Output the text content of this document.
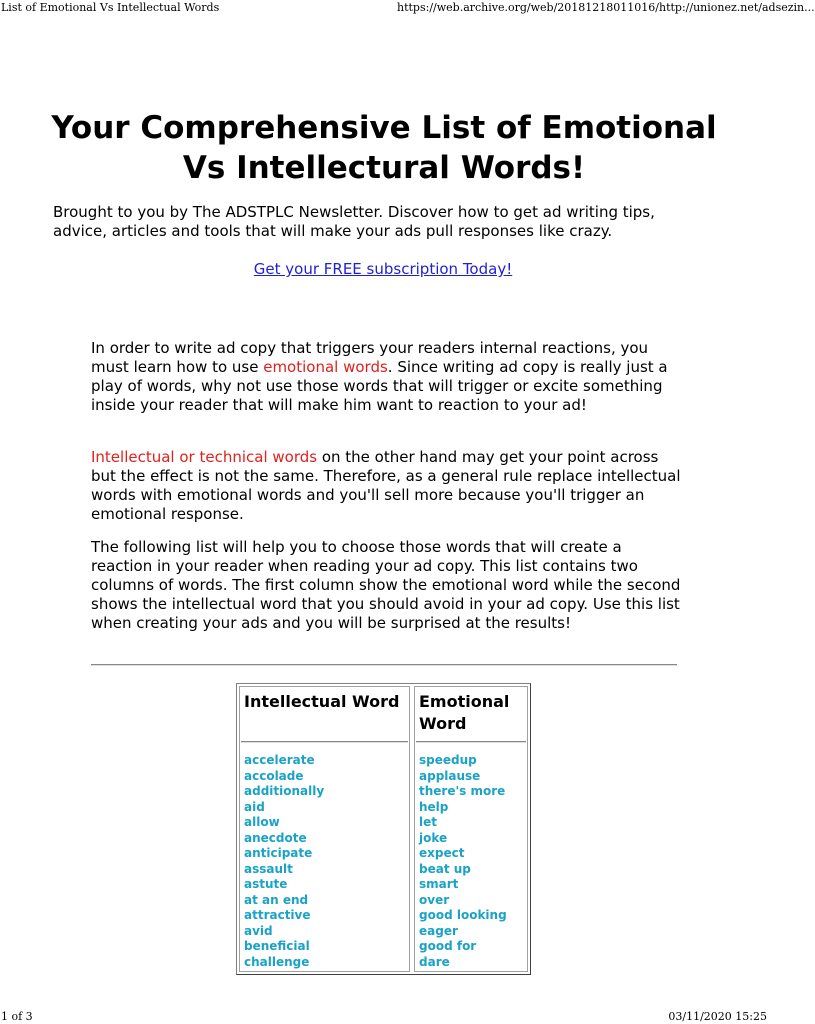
List of Emotional Vs Intellectual Words	https://web.archive.org/web/20181218011016/http://unionez.net/adsezin...
Your Comprehensive List of Emotional Vs Intellectural Words!

Brought to you by The ADSTPLC Newsletter. Discover how to get ad writing tips, advice, articles and tools that will make your ads pull responses like crazy.

Get your FREE subscription Today!

In order to write ad copy that triggers your readers internal reactions, you must learn how to use emotional words. Since writing ad copy is really just a play of words, why not use those words that will trigger or excite something inside your reader that will make him want to reaction to your ad!

Intellectual or technical words on the other hand may get your point across but the effect is not the same. Therefore, as a general rule replace intellectual words with emotional words and you'll sell more because you'll trigger an emotional response.

The following list will help you to choose those words that will create a reaction in your reader when reading your ad copy. This list contains two columns of words. The first column show the emotional word while the second shows the intellectual word that you should avoid in your ad copy. Use this list when creating your ads and you will be surprised at the results!

Intellectual Word
accelerate
accolade
additionally
aid
allow
anecdote
anticipate
assault
astute
at an end
attractive
avid
beneficial
challenge
Emotional Word
speedup
applause
there's more
help
let
joke
expect
beat up
smart
over
good looking
eager
good for
dare
1 of 3	03/11/2020 15:25
